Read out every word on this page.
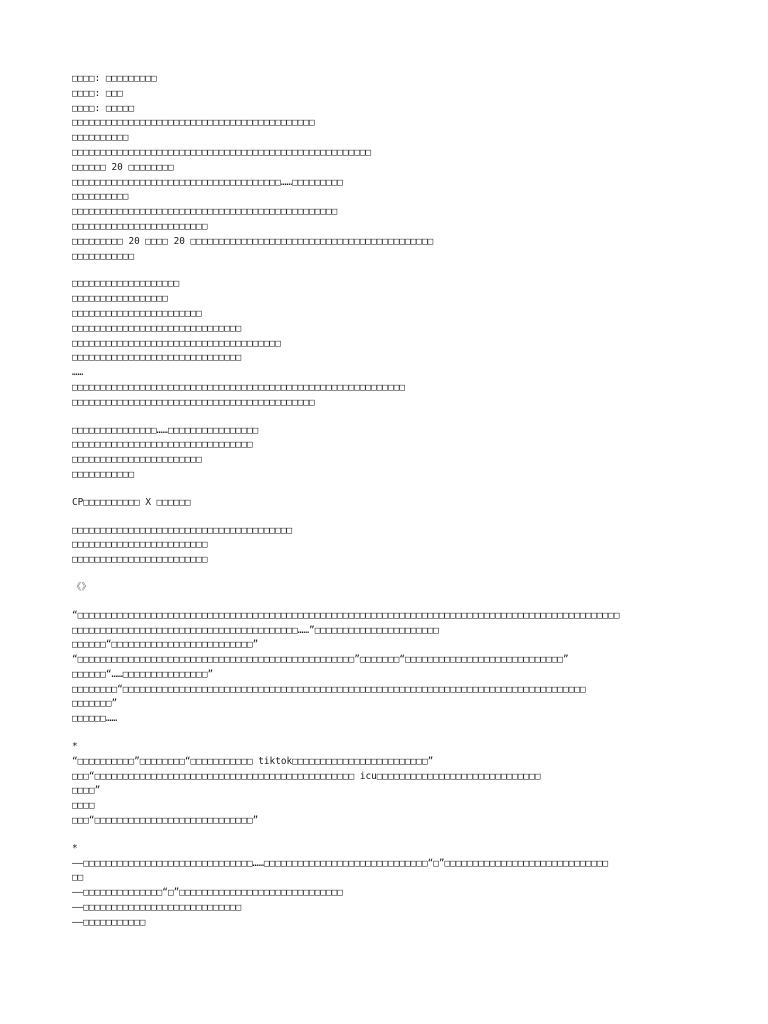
□□□□: □□□□□□□□□
□□□□: □□□
□□□□: □□□□□
□□□□□□□□□□□□□□□□□□□□□□□□□□□□□□□□□□□□□□□□□□□
□□□□□□□□□□
□□□□□□□□□□□□□□□□□□□□□□□□□□□□□□□□□□□□□□□□□□□□□□□□□□□□□
□□□□□□ 20 □□□□□□□□
□□□□□□□□□□□□□□□□□□□□□□□□□□□□□□□□□□□□□……□□□□□□□□□
□□□□□□□□□□
□□□□□□□□□□□□□□□□□□□□□□□□□□□□□□□□□□□□□□□□□□□□□□□
□□□□□□□□□□□□□□□□□□□□□□□□
□□□□□□□□□ 20 □□□□ 20 □□□□□□□□□□□□□□□□□□□□□□□□□□□□□□□□□□□□□□□□□□□
□□□□□□□□□□□
□□□□□□□□□□□□□□□□□□□
□□□□□□□□□□□□□□□□□
□□□□□□□□□□□□□□□□□□□□□□□
□□□□□□□□□□□□□□□□□□□□□□□□□□□□□□
□□□□□□□□□□□□□□□□□□□□□□□□□□□□□□□□□□□□□
□□□□□□□□□□□□□□□□□□□□□□□□□□□□□□
……
□□□□□□□□□□□□□□□□□□□□□□□□□□□□□□□□□□□□□□□□□□□□□□□□□□□□□□□□□□□
□□□□□□□□□□□□□□□□□□□□□□□□□□□□□□□□□□□□□□□□□□□
□□□□□□□□□□□□□□□……□□□□□□□□□□□□□□□□
□□□□□□□□□□□□□□□□□□□□□□□□□□□□□□□□
□□□□□□□□□□□□□□□□□□□□□□□
□□□□□□□□□□□
CP□□□□□□□□□□ X □□□□□□
□□□□□□□□□□□□□□□□□□□□□□□□□□□□□□□□□□□□□□□
□□□□□□□□□□□□□□□□□□□□□□□□
□□□□□□□□□□□□□□□□□□□□□□□□
《》
“□□□□□□□□□□□□□□□□□□□□□□□□□□□□□□□□□□□□□□□□□□□□□□□□□□□□□□□□□□□□□□□□□□□□□□□□□□□□□□□□□□□□□□□□□□□□□□□□
□□□□□□□□□□□□□□□□□□□□□□□□□□□□□□□□□□□□□□□□……”□□□□□□□□□□□□□□□□□□□□□□
□□□□□□“□□□□□□□□□□□□□□□□□□□□□□□□□”
“□□□□□□□□□□□□□□□□□□□□□□□□□□□□□□□□□□□□□□□□□□□□□□□□□”□□□□□□□“□□□□□□□□□□□□□□□□□□□□□□□□□□□□”
□□□□□□“……□□□□□□□□□□□□□□□”
□□□□□□□□“□□□□□□□□□□□□□□□□□□□□□□□□□□□□□□□□□□□□□□□□□□□□□□□□□□□□□□□□□□□□□□□□□□□□□□□□□□□□□□□□□□
□□□□□□□”
□□□□□□……
*
“□□□□□□□□□□”□□□□□□□□“□□□□□□□□□□□ tiktok□□□□□□□□□□□□□□□□□□□□□□□□”
□□□“□□□□□□□□□□□□□□□□□□□□□□□□□□□□□□□□□□□□□□□□□□□□□□ icu□□□□□□□□□□□□□□□□□□□□□□□□□□□□□
□□□□”
□□□□
□□□“□□□□□□□□□□□□□□□□□□□□□□□□□□□□”
*
——□□□□□□□□□□□□□□□□□□□□□□□□□□□□□□……□□□□□□□□□□□□□□□□□□□□□□□□□□□□□“□”□□□□□□□□□□□□□□□□□□□□□□□□□□□□□
□□
——□□□□□□□□□□□□□□“□”□□□□□□□□□□□□□□□□□□□□□□□□□□□□□
——□□□□□□□□□□□□□□□□□□□□□□□□□□□□
——□□□□□□□□□□□
